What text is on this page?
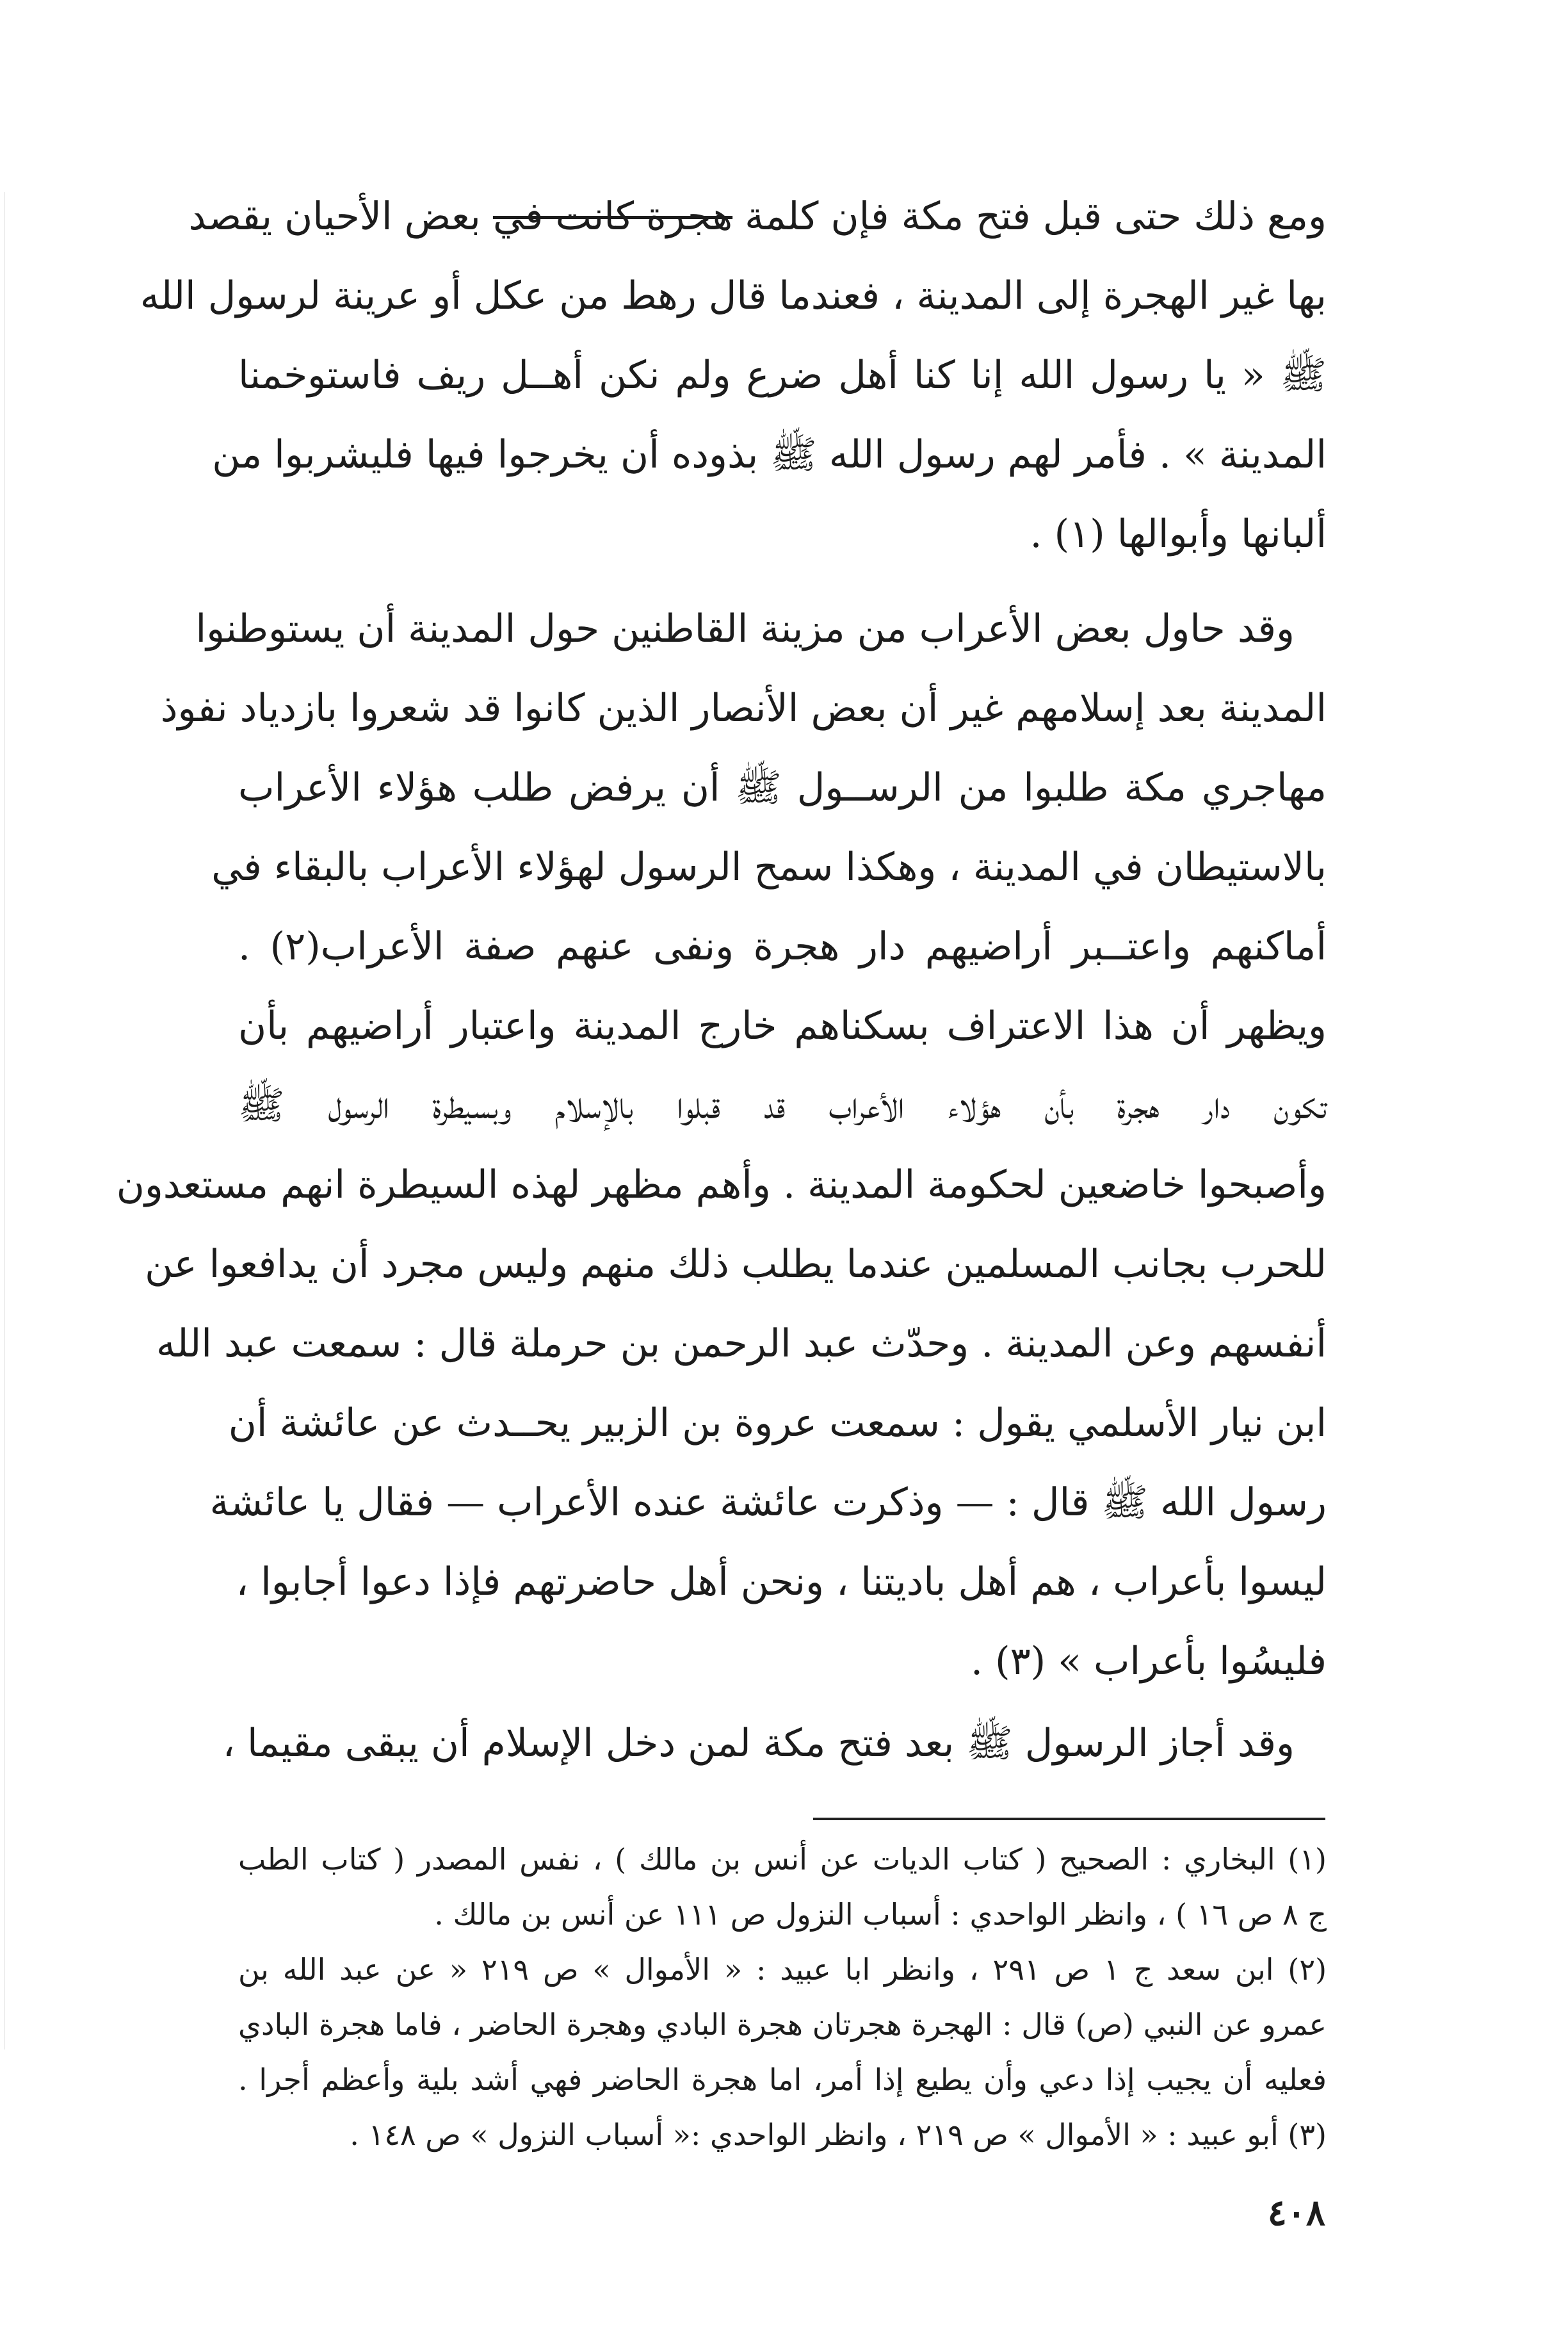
ومع ذلك حتى قبل فتح مكة فإن كلمة هجرة كانت في بعض الأحيان يقصد
بها غير الهجرة إلى المدينة ، فعندما قال رهط من عكل أو عرينة لرسول الله
ﷺ « يا رسول الله إنا كنا أهل ضرع ولم نكن أهــل ريف فاستوخمنا
المدينة » . فأمر لهم رسول الله ﷺ بذوده أن يخرجوا فيها فليشربوا من
ألبانها وأبوالها (١) .
وقد حاول بعض الأعراب من مزينة القاطنين حول المدينة أن يستوطنوا
المدينة بعد إسلامهم غير أن بعض الأنصار الذين كانوا قد شعروا بازدياد نفوذ
مهاجري مكة طلبوا من الرســول ﷺ أن يرفض طلب هؤلاء الأعراب
بالاستيطان في المدينة ، وهكذا سمح الرسول لهؤلاء الأعراب بالبقاء في
أماكنهم واعتــبر أراضيهم دار هجرة ونفى عنهم صفة الأعراب(٢) .
ويظهر أن هذا الاعتراف بسكناهم خارج المدينة واعتبار أراضيهم بأن
تكون دار هجرة بأن هؤلاء الأعراب قد قبلوا بالإسلام وبسيطرة الرسول ﷺ
وأصبحوا خاضعين لحكومة المدينة . وأهم مظهر لهذه السيطرة انهم مستعدون
للحرب بجانب المسلمين عندما يطلب ذلك منهم وليس مجرد أن يدافعوا عن
أنفسهم وعن المدينة . وحدّث عبد الرحمن بن حرملة قال : سمعت عبد الله
ابن نيار الأسلمي يقول : سمعت عروة بن الزبير يحــدث عن عائشة أن
رسول الله ﷺ قال : — وذكرت عائشة عنده الأعراب — فقال يا عائشة
ليسوا بأعراب ، هم أهل باديتنا ، ونحن أهل حاضرتهم فإذا دعوا أجابوا ،
فليسُوا بأعراب » (٣) .
وقد أجاز الرسول ﷺ بعد فتح مكة لمن دخل الإسلام أن يبقى مقيما ،
(١) البخاري : الصحيح ( كتاب الديات عن أنس بن مالك ) ، نفس المصدر ( كتاب الطب
ج ٨ ص ١٦ ) ، وانظر الواحدي : أسباب النزول ص ١١١ عن أنس بن مالك .
(٢) ابن سعد ج ١ ص ٢٩١ ، وانظر ابا عبيد : « الأموال » ص ٢١٩ « عن عبد الله بن
عمرو عن النبي (ص) قال : الهجرة هجرتان هجرة البادي وهجرة الحاضر ، فاما هجرة البادي
فعليه أن يجيب إذا دعي وأن يطيع إذا أمر، اما هجرة الحاضر فهي أشد بلية وأعظم أجرا .
(٣) أبو عبيد : « الأموال » ص ٢١٩ ، وانظر الواحدي :« أسباب النزول » ص ١٤٨ .
٤٠٨
